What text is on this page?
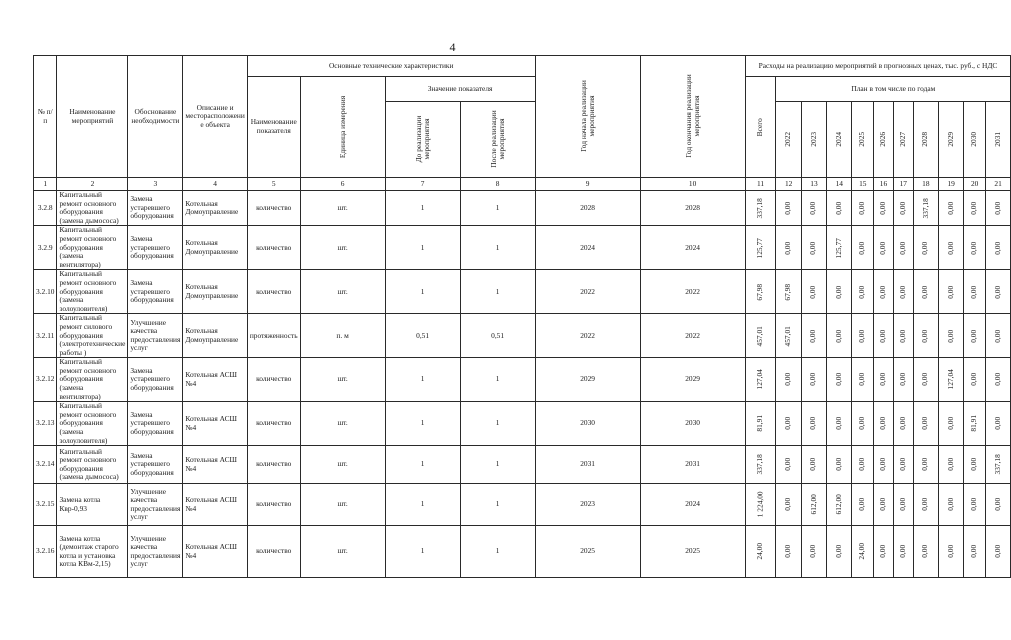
4
№ п/п	Наименование мероприятий	Обоснование необходимости	Описание и месторасположени е объекта	Основные технические характеристики				Год начала реализации мероприятия	Год окончания реализации мероприятия	Расходы на реализацию мероприятий в прогнозных ценах, тыс. руб., с НДС										
				Наименование показателя	Единица измерения	Значение показателя				Всего	План в том числе по годам									
						До реализации мероприятия	После реализации мероприятия				2022	2023	2024	2025	2026	2027	2028	2029	2030	2031
1	2	3	4	5	6	7	8	9	10	11	12	13	14	15	16	17	18	19	20	21
3.2.8	Капитальный ремонт основного оборудования (замена дымососа)	Замена устаревшего оборудования	Котельная Домоуправление	количество	шт.	1	1	2028	2028	337,18	0,00	0,00	0,00	0,00	0,00	0,00	337,18	0,00	0,00	0,00
3.2.9	Капитальный ремонт основного оборудования (замена вентилятора)	Замена устаревшего оборудования	Котельная Домоуправление	количество	шт.	1	1	2024	2024	125,77	0,00	0,00	125,77	0,00	0,00	0,00	0,00	0,00	0,00	0,00
3.2.10	Капитальный ремонт основного оборудования (замена золоуловителя)	Замена устаревшего оборудования	Котельная Домоуправление	количество	шт.	1	1	2022	2022	67,98	67,98	0,00	0,00	0,00	0,00	0,00	0,00	0,00	0,00	0,00
3.2.11	Капитальный ремонт силового оборудования (электротехнические работы )	Улучшение качества предоставления услуг	Котельная Домоуправление	протяженность	п. м	0,51	0,51	2022	2022	457,01	457,01	0,00	0,00	0,00	0,00	0,00	0,00	0,00	0,00	0,00
3.2.12	Капитальный ремонт основного оборудования (замена вентилятора)	Замена устаревшего оборудования	Котельная АСШ №4	количество	шт.	1	1	2029	2029	127,04	0,00	0,00	0,00	0,00	0,00	0,00	0,00	127,04	0,00	0,00
3.2.13	Капитальный ремонт основного оборудования (замена золоуловителя)	Замена устаревшего оборудования	Котельная АСШ №4	количество	шт.	1	1	2030	2030	81,91	0,00	0,00	0,00	0,00	0,00	0,00	0,00	0,00	81,91	0,00
3.2.14	Капитальный ремонт основного оборудования (замена дымососа)	Замена устаревшего оборудования	Котельная АСШ №4	количество	шт.	1	1	2031	2031	337,18	0,00	0,00	0,00	0,00	0,00	0,00	0,00	0,00	0,00	337,18
3.2.15	Замена котла Квр-0,93	Улучшение качества предоставления услуг	Котельная АСШ №4	количество	шт.	1	1	2023	2024	1 224,00	0,00	612,00	612,00	0,00	0,00	0,00	0,00	0,00	0,00	0,00
3.2.16	Замена котла (демонтаж старого котла и установка котла КВм-2,15)	Улучшение качества предоставления услуг	Котельная АСШ №4	количество	шт.	1	1	2025	2025	24,00	0,00	0,00	0,00	24,00	0,00	0,00	0,00	0,00	0,00	0,00
